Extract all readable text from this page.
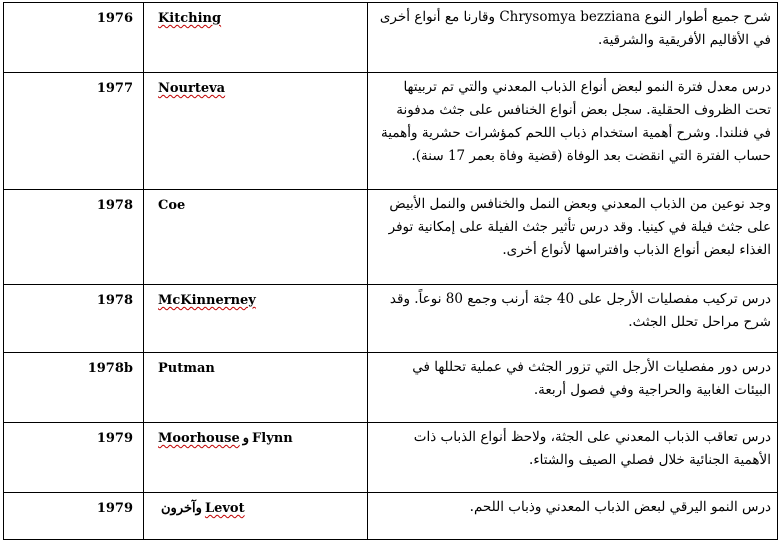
شرح جميع أطوار النوع Chrysomya bezziana وقارنا مع أنواع أخرى في الأقاليم الأفريقية والشرقية.	Kitching	1976
درس معدل فترة النمو لبعض أنواع الذباب المعدني والتي تم تربيتها تحت الظروف الحقلية. سجل بعض أنواع الخنافس على جثث مدفونة في فنلندا. وشرح أهمية استخدام ذباب اللحم كمؤشرات حشرية وأهمية حساب الفترة التي انقضت بعد الوفاة (قضية وفاة بعمر 17 سنة).	Nourteva	1977
وجد نوعين من الذباب المعدني وبعض النمل والخنافس والنمل الأبيض على جثث فيلة في كينيا. وقد درس تأثير جثث الفيلة على إمكانية توفر الغذاء لبعض أنواع الذباب وافتراسها لأنواع أخرى.	Coe	1978
درس تركيب مفصليات الأرجل على 40 جثة أرنب وجمع 80 نوعاً. وقد شرح مراحل تحلل الجثث.	McKinnerney	1978
درس دور مفصليات الأرجل التي تزور الجثث في عملية تحللها في البيئات الغابية والحراجية وفي فصول أربعة.	Putman	1978b
درس تعاقب الذباب المعدني على الجثة، ولاحظ أنواع الذباب ذات الأهمية الجنائية خلال فصلي الصيف والشتاء.	FlynnوMoorhouse	1979
درس النمو اليرقي لبعض الذباب المعدني وذباب اللحم.	Levotوآخرون	1979
